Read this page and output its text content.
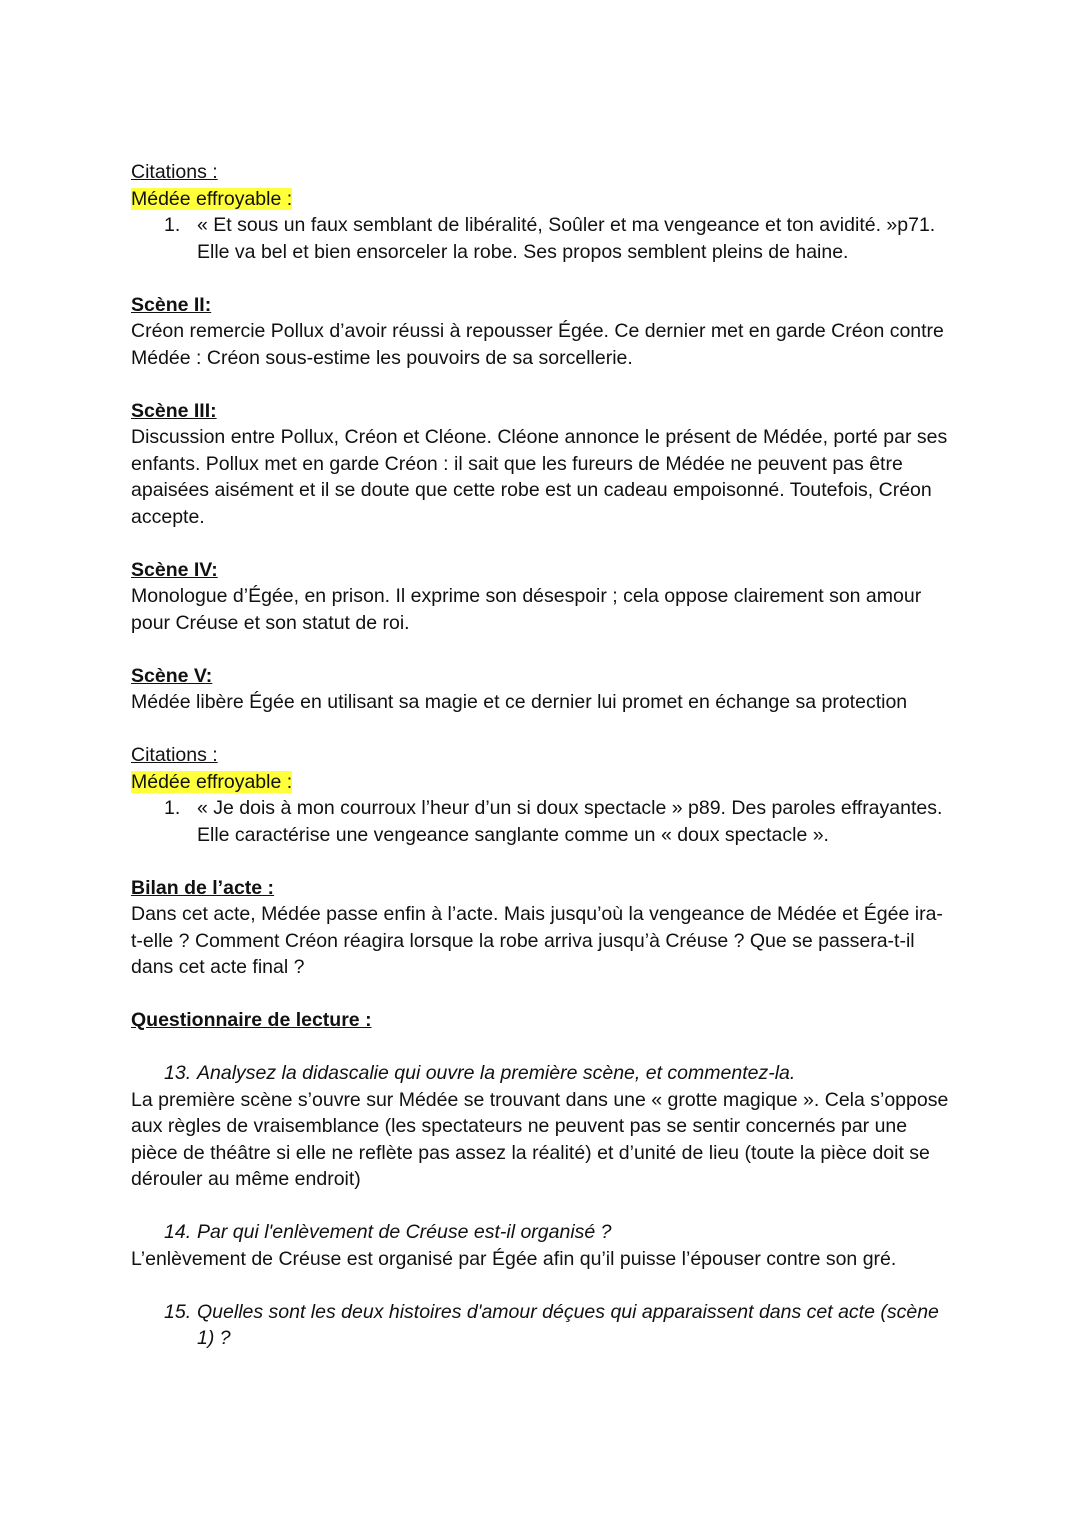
Citations :
Médée effroyable :
1. « Et sous un faux semblant de libéralité, Soûler et ma vengeance et ton avidité. »p71. Elle va bel et bien ensorceler la robe. Ses propos semblent pleins de haine.
Scène II:
Créon remercie Pollux d’avoir réussi à repousser Égée. Ce dernier met en garde Créon contre Médée : Créon sous-estime les pouvoirs de sa sorcellerie.
Scène III:
Discussion entre Pollux, Créon et Cléone. Cléone annonce le présent de Médée, porté par ses enfants. Pollux met en garde Créon : il sait que les fureurs de Médée ne peuvent pas être apaisées aisément et il se doute que cette robe est un cadeau empoisonné. Toutefois, Créon accepte.
Scène IV:
Monologue d’Égée, en prison. Il exprime son désespoir ; cela oppose clairement son amour pour Créuse et son statut de roi.
Scène V:
Médée libère Égée en utilisant sa magie et ce dernier lui promet en échange sa protection
Citations :
Médée effroyable :
1. « Je dois à mon courroux l’heur d’un si doux spectacle » p89. Des paroles effrayantes. Elle caractérise une vengeance sanglante comme un « doux spectacle ».
Bilan de l’acte :
Dans cet acte, Médée passe enfin à l’acte. Mais jusqu’où la vengeance de Médée et Égée ira-t-elle ? Comment Créon réagira lorsque la robe arriva jusqu’à Créuse ? Que se passera-t-il dans cet acte final ?
Questionnaire de lecture :
13. Analysez la didascalie qui ouvre la première scène, et commentez-la.
La première scène s’ouvre sur Médée se trouvant dans une « grotte magique ». Cela s’oppose aux règles de vraisemblance (les spectateurs ne peuvent pas se sentir concernés par une pièce de théâtre si elle ne reflète pas assez la réalité) et d’unité de lieu (toute la pièce doit se dérouler au même endroit)
14. Par qui l'enlèvement de Créuse est-il organisé ?
L’enlèvement de Créuse est organisé par Égée afin qu’il puisse l’épouser contre son gré.
15. Quelles sont les deux histoires d'amour déçues qui apparaissent dans cet acte (scène 1) ?
